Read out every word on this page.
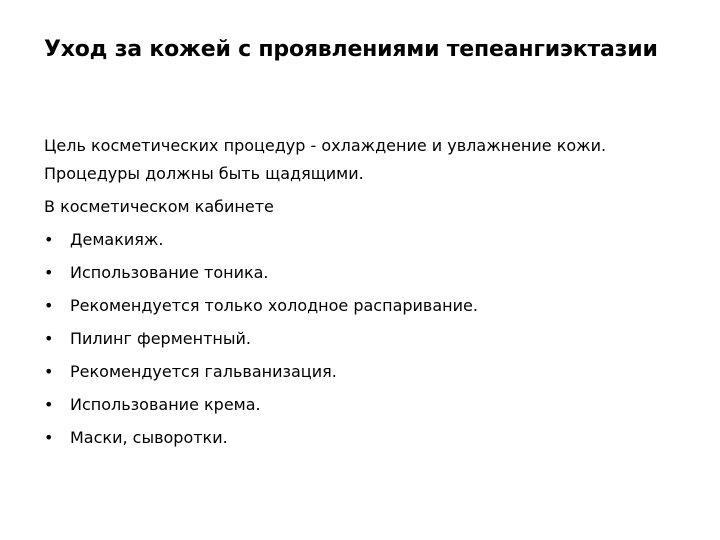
Уход за кожей с проявлениями тепеангиэктазии

Цель косметических процедур - охлаждение и увлажнение кожи. Процедуры должны быть щадящими.

В косметическом кабинете

•	Демакияж.
•	Использование тоника.
•	Рекомендуется только холодное распаривание.
•	Пилинг ферментный.
•	Рекомендуется гальванизация.
•	Использование крема.
•	Маски, сыворотки.
